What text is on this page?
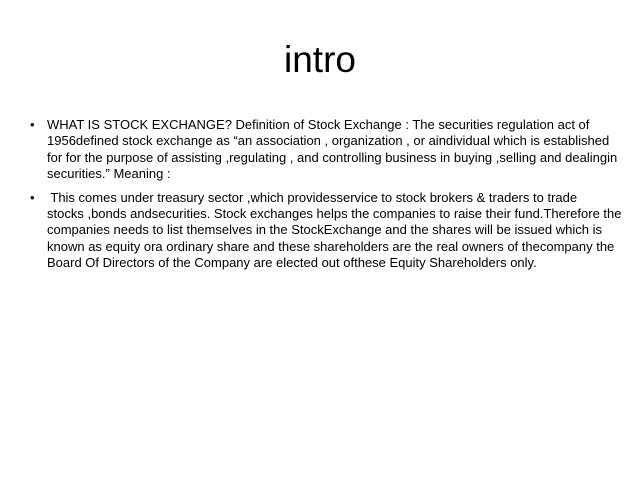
intro
• WHAT IS STOCK EXCHANGE? Definition of Stock Exchange : The securities regulation act of
1956defined stock exchange as “an association , organization , or aindividual which is established
for for the purpose of assisting ,regulating , and controlling business in buying ,selling and dealingin
securities.” Meaning :
• This comes under treasury sector ,which providesservice to stock brokers & traders to trade
stocks ,bonds andsecurities. Stock exchanges helps the companies to raise their fund.Therefore the
companies needs to list themselves in the StockExchange and the shares will be issued which is
known as equity ora ordinary share and these shareholders are the real owners of thecompany the
Board Of Directors of the Company are elected out ofthese Equity Shareholders only.
